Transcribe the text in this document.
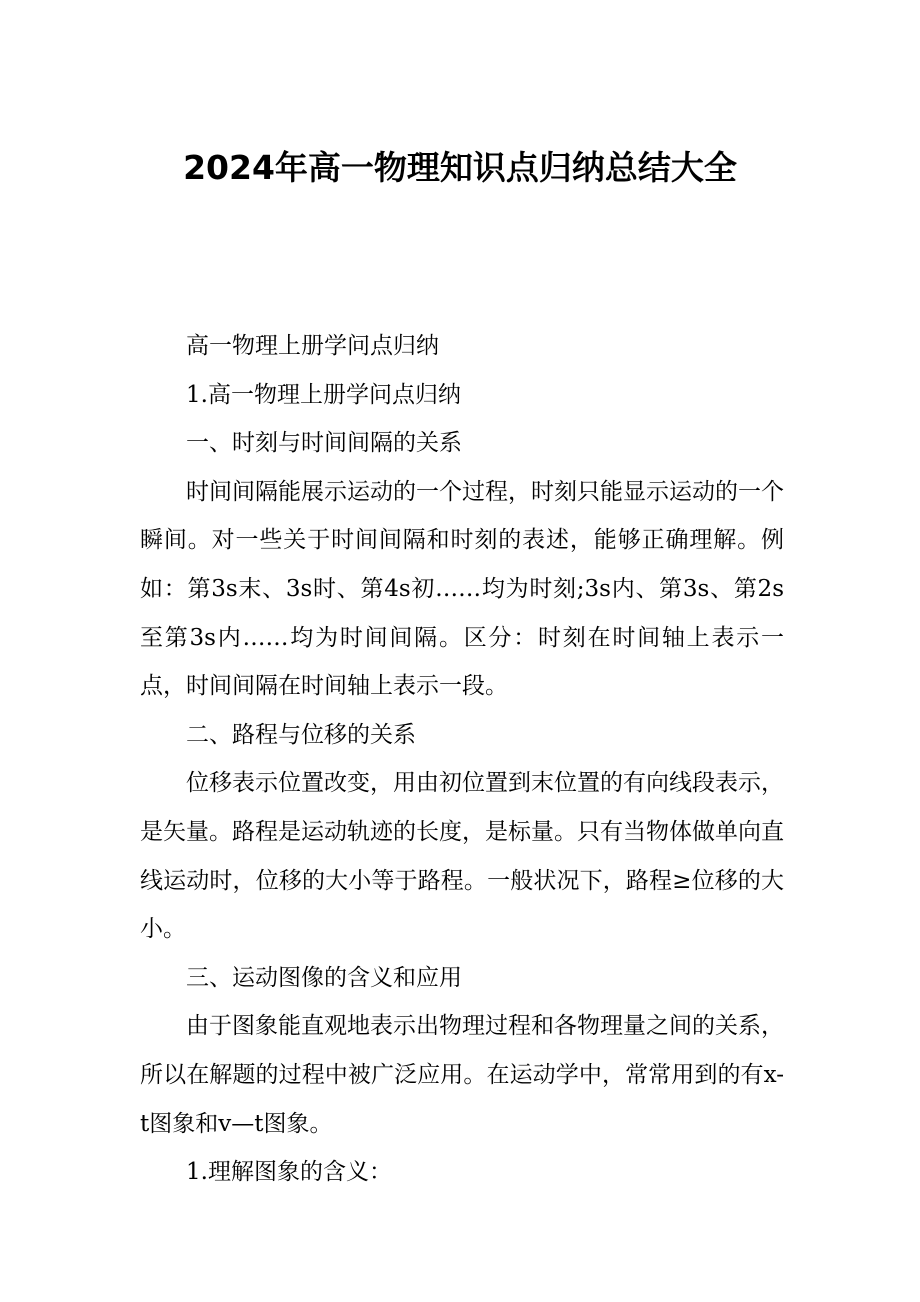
2024年高一物理知识点归纳总结大全

高一物理上册学问点归纳

1.高一物理上册学问点归纳

一、时刻与时间间隔的关系

时间间隔能展示运动的一个过程，时刻只能显示运动的一个瞬间。对一些关于时间间隔和时刻的表述，能够正确理解。例如：第3s末、3s时、第4s初……均为时刻;3s内、第3s、第2s至第3s内……均为时间间隔。区分：时刻在时间轴上表示一点，时间间隔在时间轴上表示一段。

二、路程与位移的关系

位移表示位置改变，用由初位置到末位置的有向线段表示，是矢量。路程是运动轨迹的长度，是标量。只有当物体做单向直线运动时，位移的大小等于路程。一般状况下，路程≥位移的大小。

三、运动图像的含义和应用

由于图象能直观地表示出物理过程和各物理量之间的关系，所以在解题的过程中被广泛应用。在运动学中，常常用到的有x-t图象和v—t图象。

1.理解图象的含义：
